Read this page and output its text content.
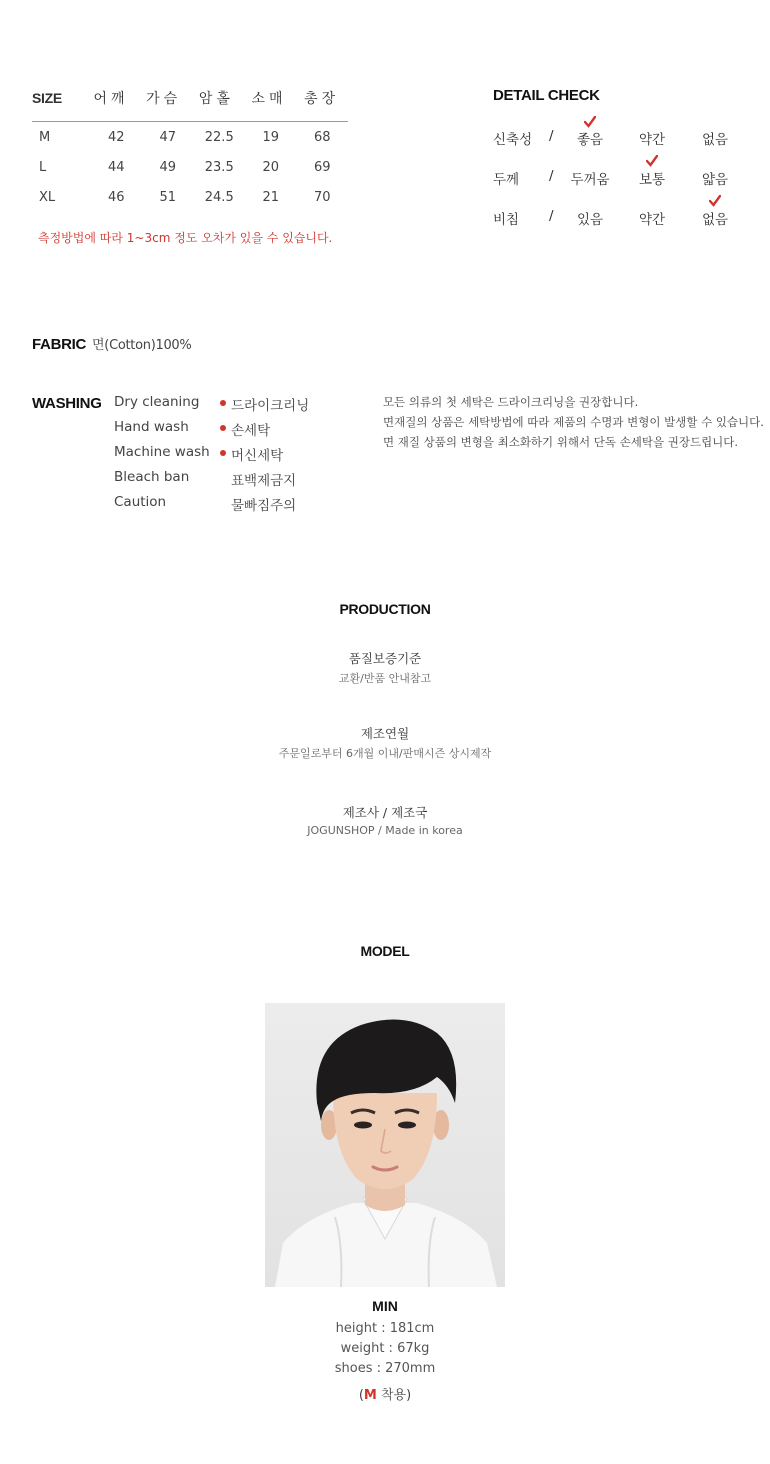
SIZE	어깨	가슴	암홀	소매	총장
M	42	47	22.5	19	68
L	44	49	23.5	20	69
XL	46	51	24.5	21	70
측정방법에 따라 1~3cm 정도 오차가 있을 수 있습니다.
DETAIL CHECK
신축성 /	좋음	약간	없음
두께	/	두꺼움	보통	얇음
비침	/	있음	약간	없음
FABRIC 면(Cotton)100%
WASHING Dry cleaning 드라이크리닝
Hand wash	손세탁
Machine wash 머신세탁
Bleach ban	표백제금지
Caution	물빠짐주의
모든 의류의 첫 세탁은 드라이크리닝을 권장합니다.
면재질의 상품은 세탁방법에 따라 제품의 수명과 변형이 발생할 수 있습니다.
면 재질 상품의 변형을 최소화하기 위해서 단독 손세탁을 권장드립니다.
PRODUCTION
품질보증기준
교환/반품 안내참고
제조연월
주문일로부터 6개월 이내/판매시즌 상시제작
제조사 / 제조국
JOGUNSHOP / Made in korea
MODEL
MIN
height : 181cm
weight : 67kg
shoes : 270mm
(M 착용)
